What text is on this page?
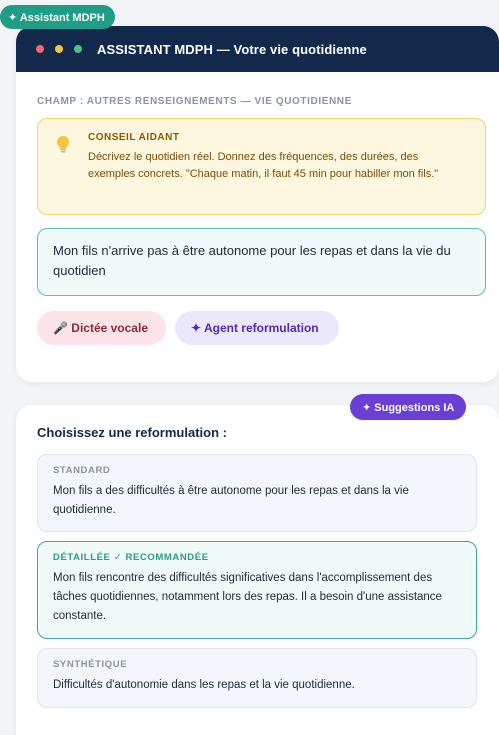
✦ Assistant MDPH
ASSISTANT MDPH — Votre vie quotidienne
CHAMP : AUTRES RENSEIGNEMENTS — VIE QUOTIDIENNE
CONSEIL AIDANT
Décrivez le quotidien réel. Donnez des fréquences, des durées, des exemples concrets. "Chaque matin, il faut 45 min pour habiller mon fils."
Mon fils n'arrive pas à être autonome pour les repas et dans la vie du quotidien
🎤 Dictée vocale	✦ Agent reformulation
✦ Suggestions IA
Choisissez une reformulation :
STANDARD
Mon fils a des difficultés à être autonome pour les repas et dans la vie quotidienne.
DÉTAILLÉE ✓ RECOMMANDÉE
Mon fils rencontre des difficultés significatives dans l'accomplissement des tâches quotidiennes, notamment lors des repas. Il a besoin d'une assistance constante.
SYNTHÉTIQUE
Difficultés d'autonomie dans les repas et la vie quotidienne.
